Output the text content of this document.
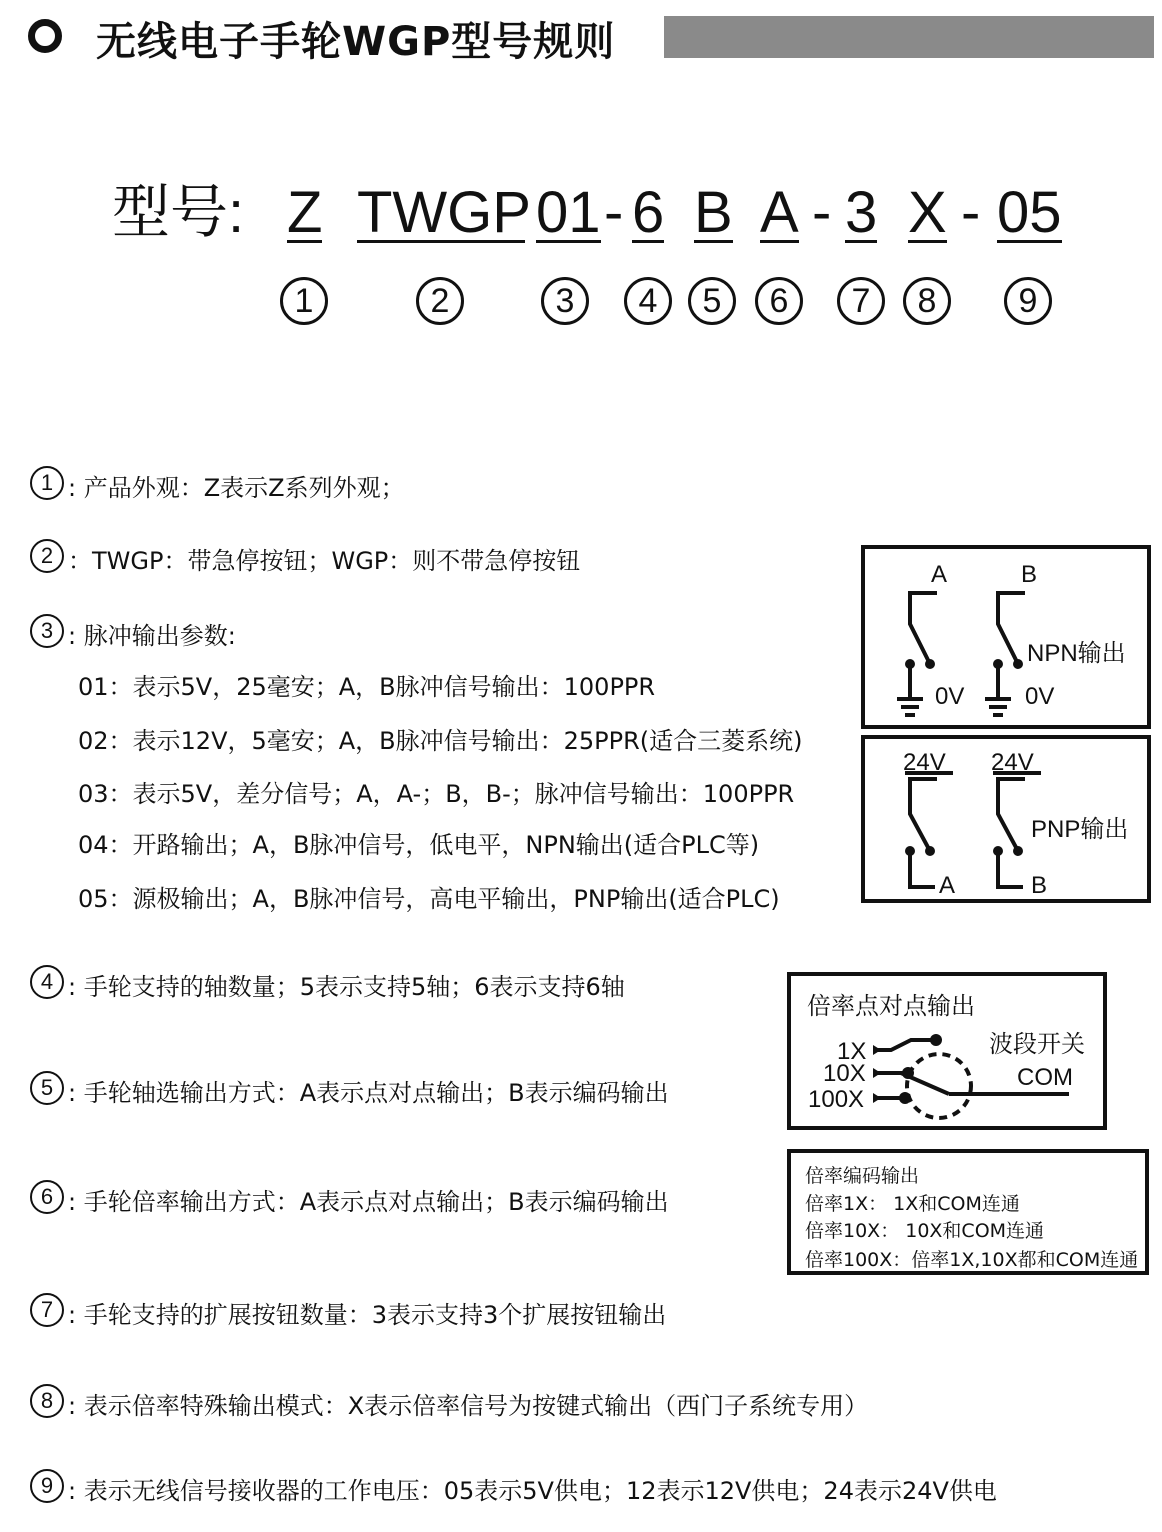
无线电子手轮WGP型号规则
型号: Z TWGP 01 - 6 B A - 3 X - 05
1	2	3	4	5	6	7	8	9
1 : 产品外观：Z表示Z系列外观；
2 ：TWGP：带急停按钮；WGP：则不带急停按钮
3 : 脉冲输出参数:
01：表示5V，25毫安；A，B脉冲信号输出：100PPR
02：表示12V，5毫安；A，B脉冲信号输出：25PPR(适合三菱系统)
03：表示5V，差分信号；A，A-；B，B-；脉冲信号输出：100PPR
04：开路输出；A，B脉冲信号，低电平，NPN输出(适合PLC等)
05：源极输出；A，B脉冲信号，高电平输出，PNP输出(适合PLC)
4 : 手轮支持的轴数量；5表示支持5轴；6表示支持6轴
5 : 手轮轴选输出方式：A表示点对点输出；B表示编码输出
6 : 手轮倍率输出方式：A表示点对点输出；B表示编码输出
7 : 手轮支持的扩展按钮数量：3表示支持3个扩展按钮输出
8 : 表示倍率特殊输出模式：X表示倍率信号为按键式输出（西门子系统专用）
9 : 表示无线信号接收器的工作电压：05表示5V供电；12表示12V供电；24表示24V供电
A	B
NPN输出
0V	0V
24V 24V
PNP输出
A	B
倍率点对点输出
波段开关
1X
10X
100X
COM
倍率编码输出
倍率1X： 1X和COM连通
倍率10X： 10X和COM连通
倍率100X：倍率1X,10X都和COM连通
